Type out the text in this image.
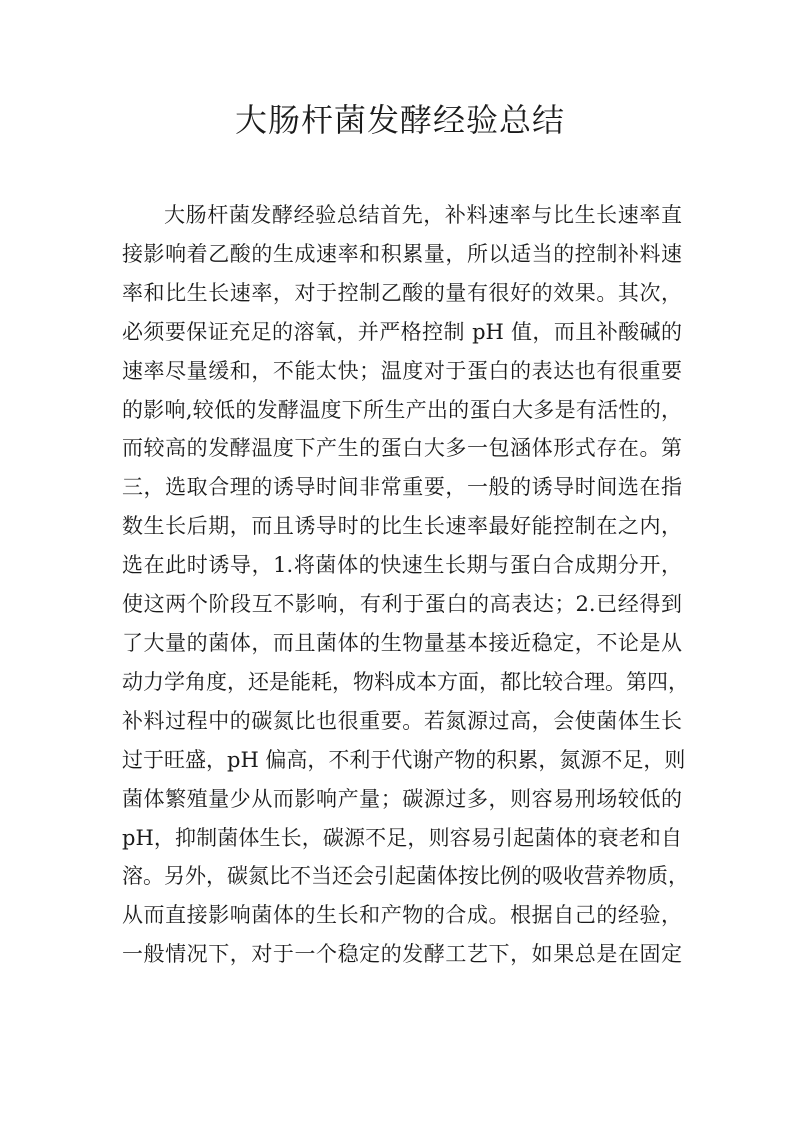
大肠杆菌发酵经验总结
大肠杆菌发酵经验总结首先，补料速率与比生长速率直
接影响着乙酸的生成速率和积累量，所以适当的控制补料速
率和比生长速率，对于控制乙酸的量有很好的效果。其次，
必须要保证充足的溶氧，并严格控制 pH 值，而且补酸碱的
速率尽量缓和，不能太快；温度对于蛋白的表达也有很重要
的影响,较低的发酵温度下所生产出的蛋白大多是有活性的，
而较高的发酵温度下产生的蛋白大多一包涵体形式存在。第
三，选取合理的诱导时间非常重要，一般的诱导时间选在指
数生长后期，而且诱导时的比生长速率最好能控制在之内，
选在此时诱导，1.将菌体的快速生长期与蛋白合成期分开，
使这两个阶段互不影响，有利于蛋白的高表达；2.已经得到
了大量的菌体，而且菌体的生物量基本接近稳定，不论是从
动力学角度，还是能耗，物料成本方面，都比较合理。第四，
补料过程中的碳氮比也很重要。若氮源过高，会使菌体生长
过于旺盛，pH 偏高，不利于代谢产物的积累，氮源不足，则
菌体繁殖量少从而影响产量；碳源过多，则容易刑场较低的
pH，抑制菌体生长，碳源不足，则容易引起菌体的衰老和自
溶。另外，碳氮比不当还会引起菌体按比例的吸收营养物质，
从而直接影响菌体的生长和产物的合成。根据自己的经验，
一般情况下，对于一个稳定的发酵工艺下，如果总是在固定
